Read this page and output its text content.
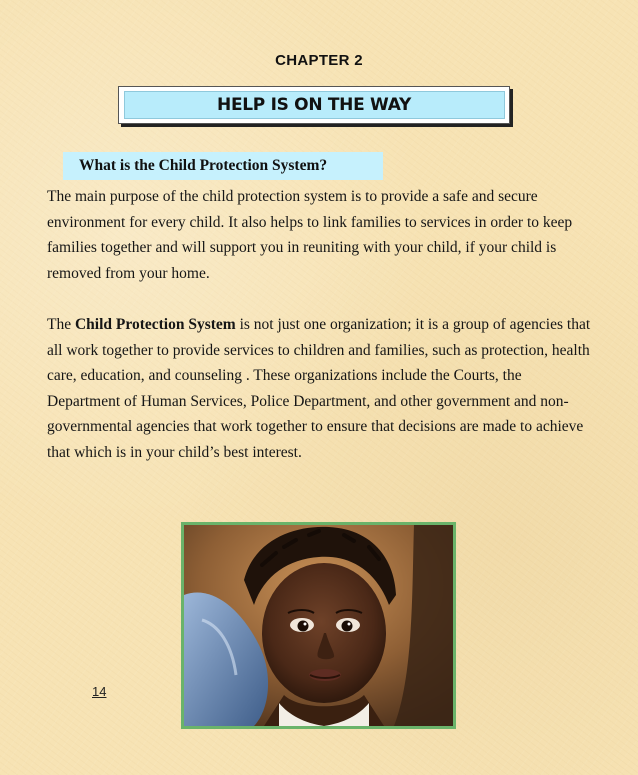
CHAPTER 2
HELP IS ON THE WAY
What is the Child Protection System?
The main purpose of the child protection system is to provide a safe and secure environment for every child. It also helps to link families to services in order to keep families together and will support you in reuniting with your child, if your child is removed from your home.
The Child Protection System is not just one organization; it is a group of agencies that all work together to provide services to children and families, such as protection, health care, education, and counseling . These organizations include the Courts, the Department of Human Services, Police Department, and other government and non-governmental agencies that work together to ensure that decisions are made to achieve that which is in your child’s best interest.
14
